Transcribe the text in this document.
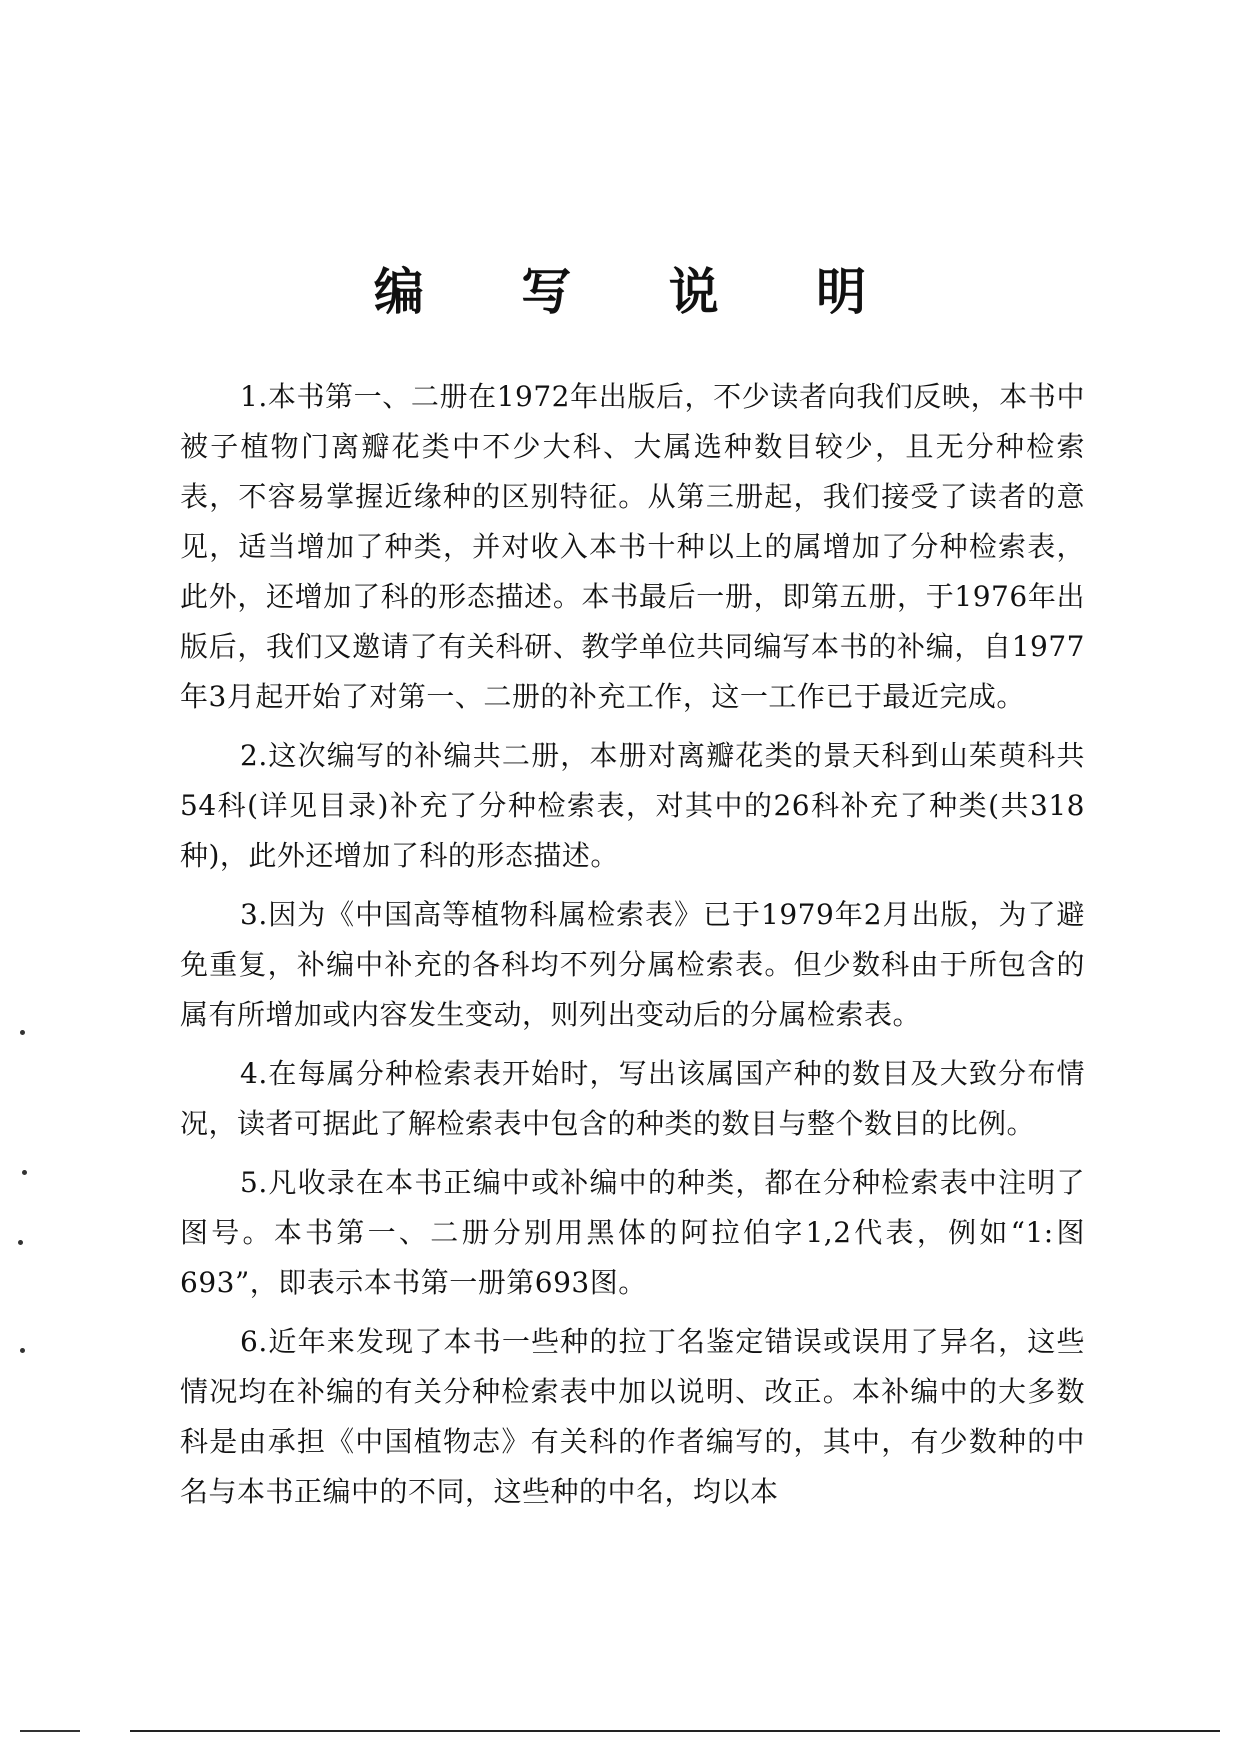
编 写 说 明

1.本书第一、二册在1972年出版后，不少读者向我们反映，本书中被子植物门离瓣花类中不少大科、大属选种数目较少，且无分种检索表，不容易掌握近缘种的区别特征。从第三册起，我们接受了读者的意见，适当增加了种类，并对收入本书十种以上的属增加了分种检索表，此外，还增加了科的形态描述。本书最后一册，即第五册，于1976年出版后，我们又邀请了有关科研、教学单位共同编写本书的补编，自1977年3月起开始了对第一、二册的补充工作，这一工作已于最近完成。

2.这次编写的补编共二册，本册对离瓣花类的景天科到山茱萸科共54科(详见目录)补充了分种检索表，对其中的26科补充了种类(共318种)，此外还增加了科的形态描述。

3.因为《中国高等植物科属检索表》已于1979年2月出版，为了避免重复，补编中补充的各科均不列分属检索表。但少数科由于所包含的属有所增加或内容发生变动，则列出变动后的分属检索表。

4.在每属分种检索表开始时，写出该属国产种的数目及大致分布情况，读者可据此了解检索表中包含的种类的数目与整个数目的比例。

5.凡收录在本书正编中或补编中的种类，都在分种检索表中注明了图号。本书第一、二册分别用黑体的阿拉伯字1,2代表，例如“1:图693”，即表示本书第一册第693图。

6.近年来发现了本书一些种的拉丁名鉴定错误或误用了异名，这些情况均在补编的有关分种检索表中加以说明、改正。本补编中的大多数科是由承担《中国植物志》有关科的作者编写的，其中，有少数种的中名与本书正编中的不同，这些种的中名，均以本
